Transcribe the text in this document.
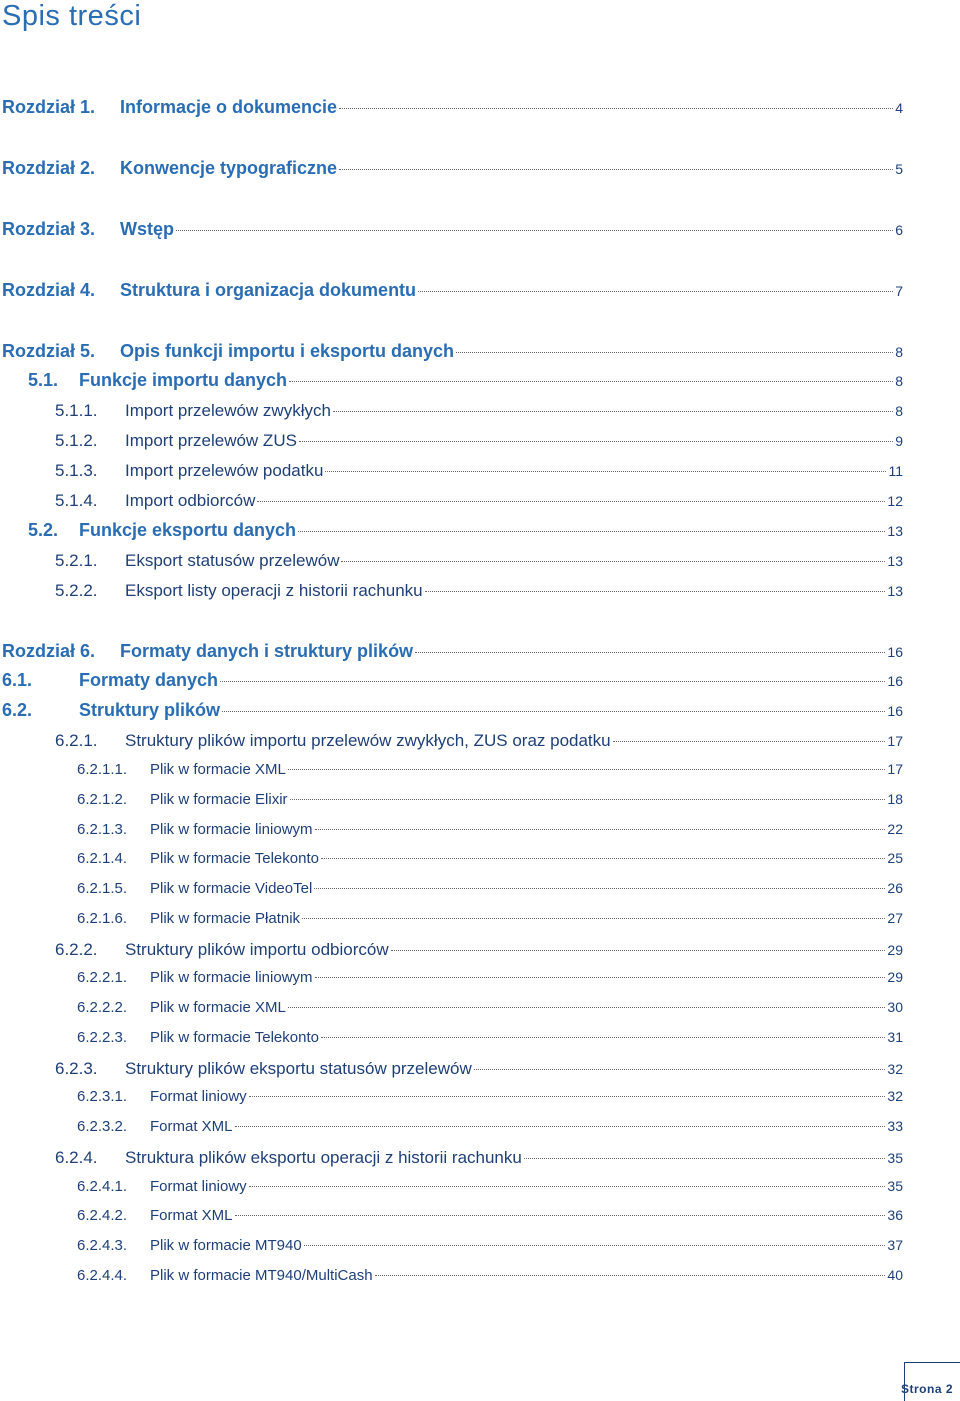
Spis treści
Rozdział 1.	Informacje o dokumencie	4
Rozdział 2.	Konwencje typograficzne	5
Rozdział 3.	Wstęp	6
Rozdział 4.	Struktura i organizacja dokumentu	7
Rozdział 5.	Opis funkcji importu i eksportu danych	8
5.1.	Funkcje importu danych	8
5.1.1.	Import przelewów zwykłych	8
5.1.2.	Import przelewów ZUS	9
5.1.3.	Import przelewów podatku	11
5.1.4.	Import odbiorców	12
5.2.	Funkcje eksportu danych	13
5.2.1.	Eksport statusów przelewów	13
5.2.2.	Eksport listy operacji z historii rachunku	13
Rozdział 6.	Formaty danych i struktury plików	16
6.1.	Formaty danych	16
6.2.	Struktury plików	16
6.2.1.	Struktury plików importu przelewów zwykłych, ZUS oraz podatku	17
6.2.1.1.	Plik w formacie XML	17
6.2.1.2.	Plik w formacie Elixir	18
6.2.1.3.	Plik w formacie liniowym	22
6.2.1.4.	Plik w formacie Telekonto	25
6.2.1.5.	Plik w formacie VideoTel	26
6.2.1.6.	Plik w formacie Płatnik	27
6.2.2.	Struktury plików importu odbiorców	29
6.2.2.1.	Plik w formacie liniowym	29
6.2.2.2.	Plik w formacie XML	30
6.2.2.3.	Plik w formacie Telekonto	31
6.2.3.	Struktury plików eksportu statusów przelewów	32
6.2.3.1.	Format liniowy	32
6.2.3.2.	Format XML	33
6.2.4.	Struktura plików eksportu operacji z historii rachunku	35
6.2.4.1.	Format liniowy	35
6.2.4.2.	Format XML	36
6.2.4.3.	Plik w formacie MT940	37
6.2.4.4.	Plik w formacie MT940/MultiCash	40
Strona 2
